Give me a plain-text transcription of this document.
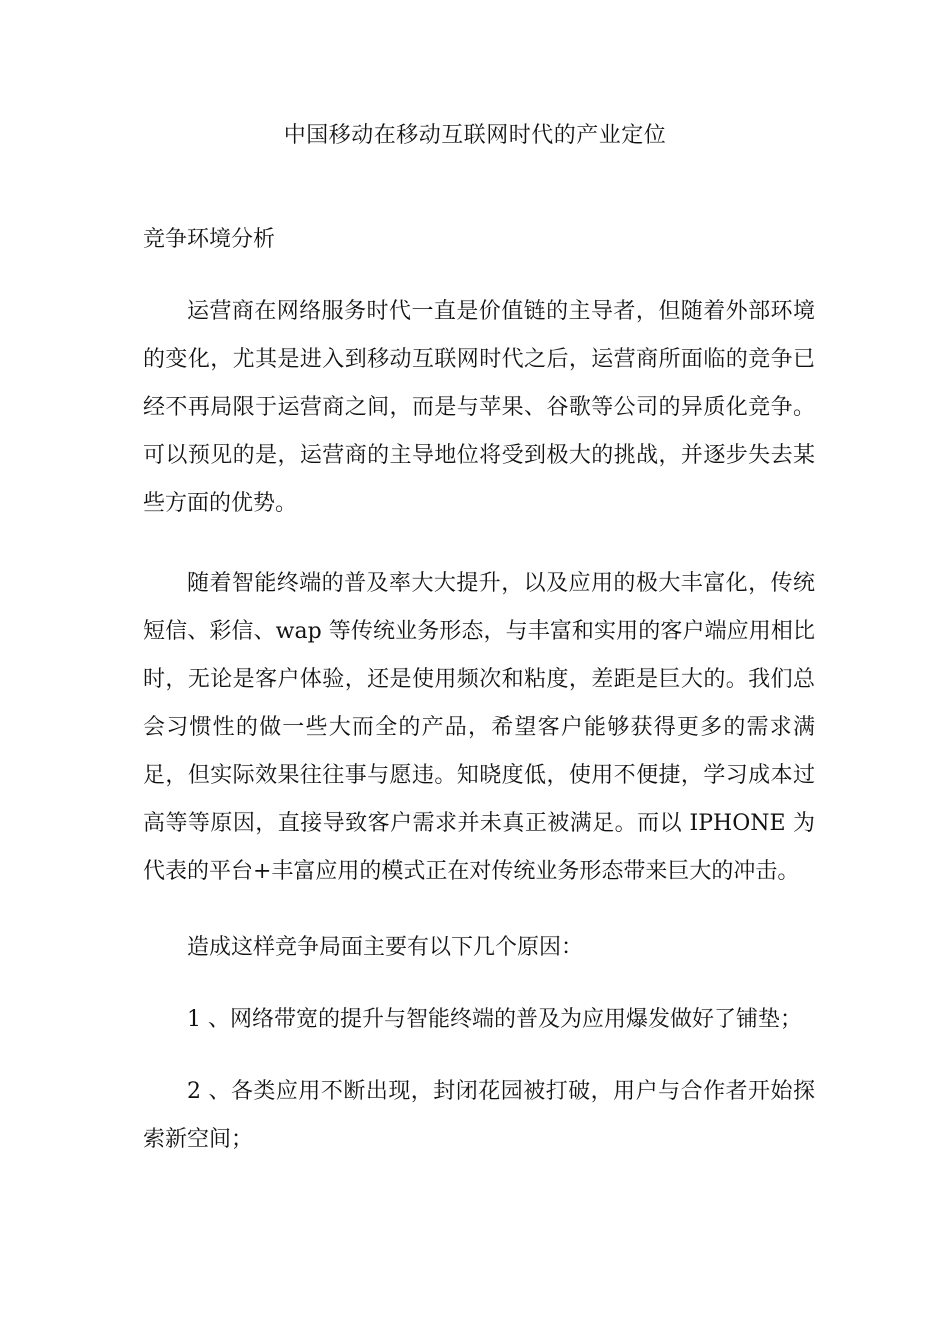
中国移动在移动互联网时代的产业定位
竞争环境分析

运营商在网络服务时代一直是价值链的主导者，但随着外部环境的变化，尤其是进入到移动互联网时代之后，运营商所面临的竞争已经不再局限于运营商之间，而是与苹果、谷歌等公司的异质化竞争。可以预见的是，运营商的主导地位将受到极大的挑战，并逐步失去某些方面的优势。

随着智能终端的普及率大大提升，以及应用的极大丰富化，传统短信、彩信、wap 等传统业务形态，与丰富和实用的客户端应用相比时，无论是客户体验，还是使用频次和粘度，差距是巨大的。我们总会习惯性的做一些大而全的产品，希望客户能够获得更多的需求满足，但实际效果往往事与愿违。知晓度低，使用不便捷，学习成本过高等等原因，直接导致客户需求并未真正被满足。而以 IPHONE 为代表的平台+丰富应用的模式正在对传统业务形态带来巨大的冲击。

造成这样竞争局面主要有以下几个原因：

1 、网络带宽的提升与智能终端的普及为应用爆发做好了铺垫；

2 、各类应用不断出现，封闭花园被打破，用户与合作者开始探索新空间；
